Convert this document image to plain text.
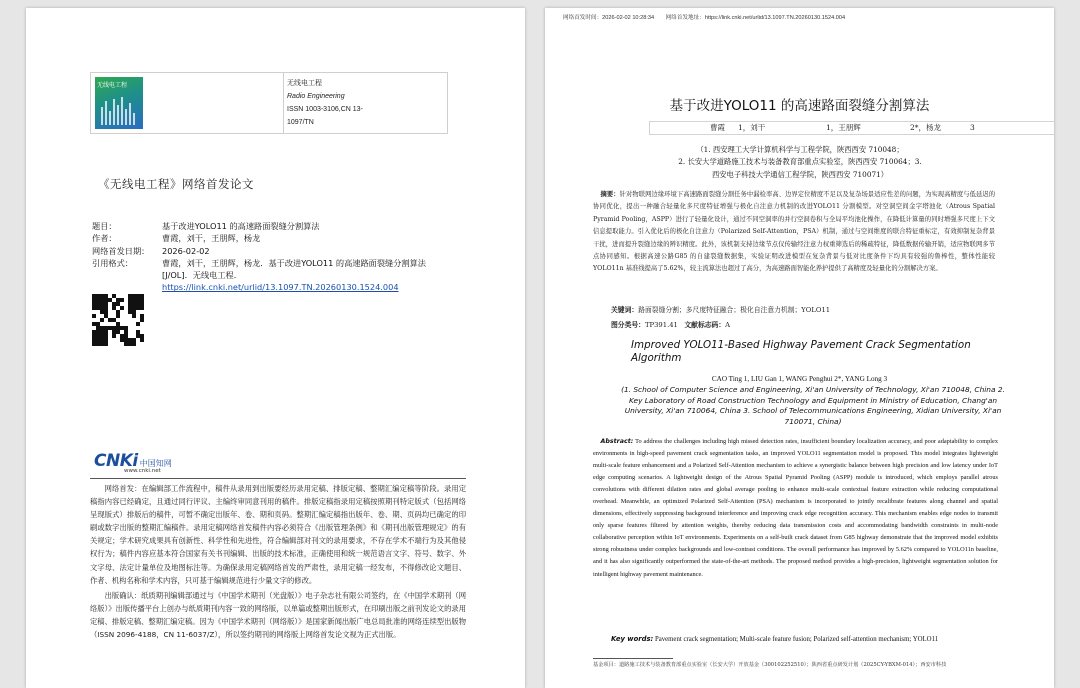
无线电工程	无线电工程
Radio Engineering
ISSN 1003-3106,CN 13-
1097/TN
《无线电工程》网络首发论文
题目：	基于改进YOLO11 的高速路面裂缝分割算法
作者：	曹霞，刘干，王朋辉，杨龙
网络首发日期：	2026-02-02
引用格式：	曹霞，刘干，王朋辉，杨龙．基于改进YOLO11 的高速路面裂缝分割算法
[J/OL]．无线电工程．https://link.cnki.net/urlid/13.1097.TN.20260130.1524.004
CNKi 中国知网
www.cnki.net

网络首发：在编辑部工作流程中，稿件从录用到出版要经历录用定稿、排版定稿、整期汇编定稿等阶段。录用定稿指内容已经确定，且通过同行评议、主编终审同意刊用的稿件。排版定稿指录用定稿按照期刊特定版式（包括网络呈现版式）排版后的稿件，可暂不确定出版年、卷、期和页码。整期汇编定稿指出版年、卷、期、页码均已确定的印刷或数字出版的整期汇编稿件。录用定稿网络首发稿件内容必须符合《出版管理条例》和《期刊出版管理规定》的有关规定；学术研究成果具有创新性、科学性和先进性，符合编辑部对刊文的录用要求，不存在学术不端行为及其他侵权行为；稿件内容应基本符合国家有关书刊编辑、出版的技术标准，正确使用和统一规范语言文字、符号、数字、外文字母、法定计量单位及地图标注等。为确保录用定稿网络首发的严肃性，录用定稿一经发布，不得修改论文题目、作者、机构名称和学术内容，只可基于编辑规范进行少量文字的修改。

出版确认：纸质期刊编辑部通过与《中国学术期刊（光盘版）》电子杂志社有限公司签约，在《中国学术期刊（网络版）》出版传播平台上创办与纸质期刊内容一致的网络版，以单篇或整期出版形式，在印刷出版之前刊发论文的录用定稿、排版定稿、整期汇编定稿。因为《中国学术期刊（网络版）》是国家新闻出版广电总局批准的网络连续型出版物（ISSN 2096-4188，CN 11-6037/Z），所以签约期刊的网络版上网络首发论文视为正式出版。

网络首发时间：2026-02-02 10:28:34 网络首发地址：https://link.cnki.net/urlid/13.1097.TN.20260130.1524.004
基于改进YOLO11 的高速路面裂缝分割算法
曹霞 1，刘干	1，王朋辉	2*，杨龙	3
（1. 西安理工大学计算机科学与工程学院，陕西西安 710048；
2. 长安大学道路施工技术与装备教育部重点实验室，陕西西安 710064；3.
西安电子科技大学通信工程学院，陕西西安 710071）
摘要：针对物联网边缘环境下高速路面裂缝分割任务中漏检率高、边界定位精度不足以及复杂场景适应性差的问题，为实现高精度与低延迟的协同优化，提出一种融合轻量化多尺度特征增强与极化自注意力机制的改进YOLO11 分割模型。对空洞空间金字塔池化（Atrous Spatial Pyramid Pooling，ASPP）进行了轻量化设计，通过不同空洞率的并行空洞卷积与全局平均池化操作，在降低计算量的同时增强多尺度上下文信息提取能力。引入优化后的极化自注意力（Polarized Self-Attention，PSA）机制，通过与空间维度的联合特征重标定，有效抑制复杂背景干扰，进而提升裂缝边缘的辨识精度。此外，该机制支持边缘节点仅传输经注意力权重筛选后的稀疏特征，降低数据传输开销，适应物联网多节点协同感知。根据高速公路G85 的自建裂缝数据集，实验证明改进模型在复杂背景与低对比度条件下均具有较强的鲁棒性，整体性能较YOLO11n 基准线提高了5.62%，较主流算法也超过了高分，为高速路面智能化养护提供了高精度及轻量化的分割解决方案。
关键词：路面裂缝分割；多尺度特征融合；极化自注意力机制；YOLO11
图分类号：TP391.41 文献标志码：A
Improved YOLO11-Based Highway Pavement Crack Segmentation Algorithm
CAO Ting 1, LIU Gan 1, WANG Penghui 2*, YANG Long 3
(1. School of Computer Science and Engineering, Xi'an University of Technology, Xi'an 710048, China 2. Key Laboratory of Road Construction Technology and Equipment in Ministry of Education, Chang'an University, Xi'an 710064, China 3. School of Telecommunications Engineering, Xidian University, Xi'an 710071, China)
Abstract: To address the challenges including high missed detection rates, insufficient boundary localization accuracy, and poor adaptability to complex environments in high-speed pavement crack segmentation tasks, an improved YOLO11 segmentation model is proposed. This model integrates lightweight multi-scale feature enhancement and a Polarized Self-Attention mechanism to achieve a synergistic balance between high precision and low latency under IoT edge computing scenarios. A lightweight design of the Atrous Spatial Pyramid Pooling (ASPP) module is introduced, which employs parallel atrous convolutions with different dilation rates and global average pooling to enhance multi-scale contextual feature extraction while reducing computational overhead. Meanwhile, an optimized Polarized Self-Attention (PSA) mechanism is incorporated to jointly recalibrate features along channel and spatial dimensions, effectively suppressing background interference and improving crack edge recognition accuracy. This mechanism enables edge nodes to transmit only sparse features filtered by attention weights, thereby reducing data transmission costs and accommodating bandwidth constraints in multi-node collaborative perception within IoT environments. Experiments on a self-built crack dataset from G85 highway demonstrate that the improved model exhibits strong robustness under complex backgrounds and low-contrast conditions. The overall performance has improved by 5.62% compared to YOLO11n baseline, and it has also significantly outperformed the state-of-the-art methods. The proposed method provides a high-precision, lightweight segmentation solution for intelligent highway pavement maintenance.
Key words: Pavement crack segmentation; Multi-scale feature fusion; Polarized self-attention mechanism; YOLO11
基金项目：道路施工技术与装备教育部重点实验室（长安大学）开放基金（300102252510）；陕西省重点研发计划（2025CY-YBXM-014）；西安市科技
